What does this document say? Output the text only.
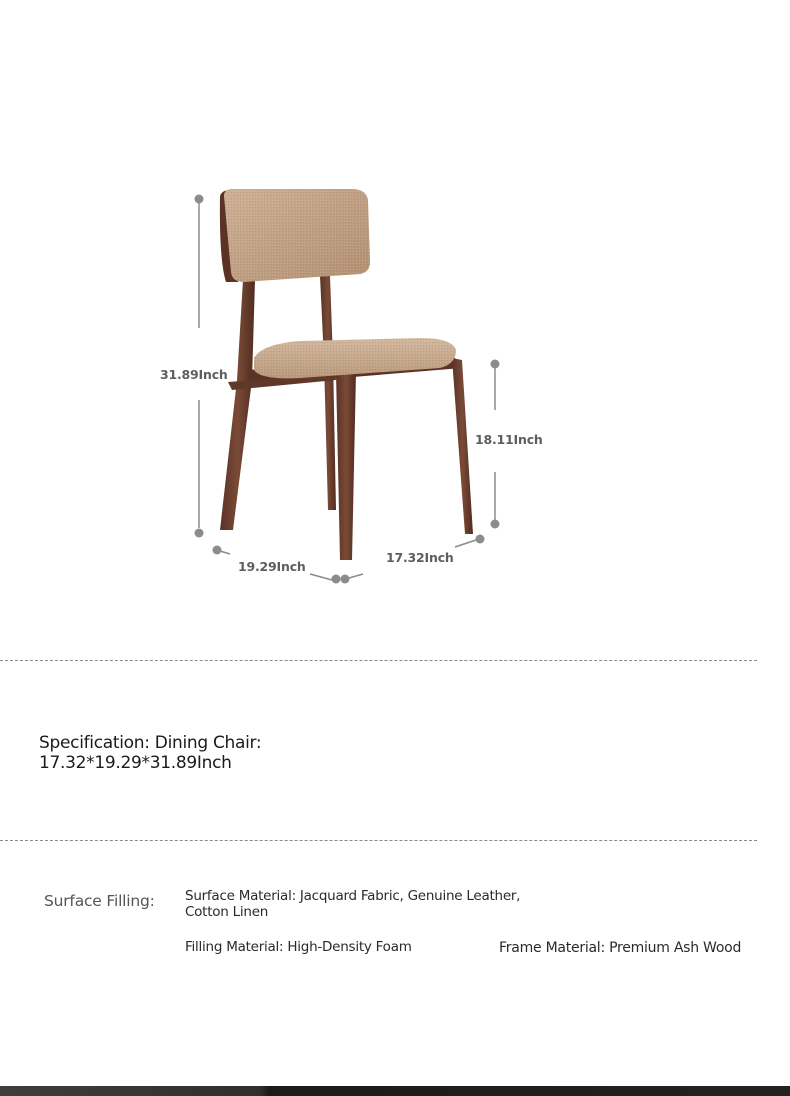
31.89Inch
18.11Inch
19.29Inch
17.32Inch
Specification: Dining Chair:
17.32*19.29*31.89Inch
Surface Filling: Surface Material: Jacquard Fabric, Genuine Leather,
Cotton Linen
Filling Material: High-Density Foam	Frame Material: Premium Ash Wood
